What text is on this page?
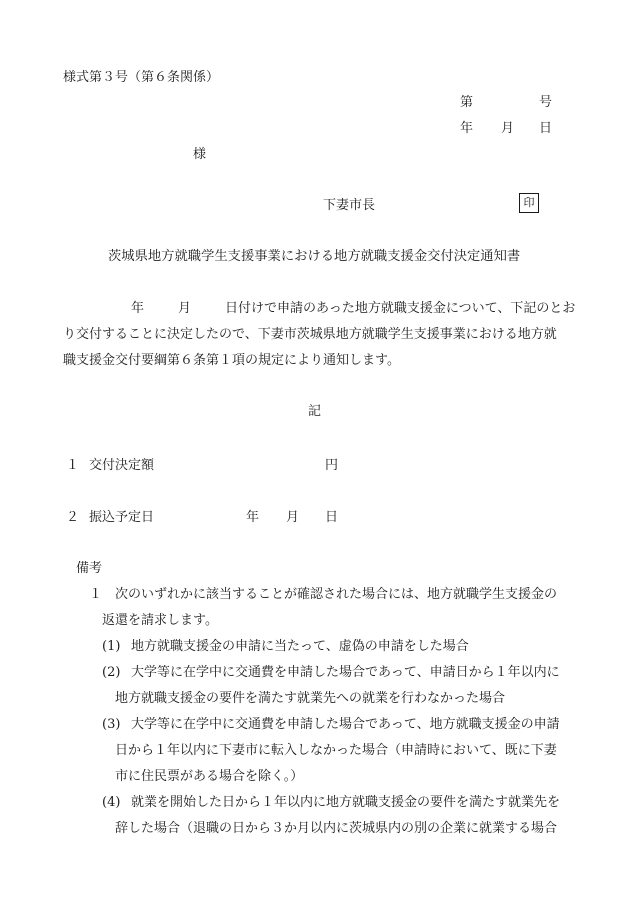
様式第３号（第６条関係）
第	号
年 月 日
様
下妻市長	印
茨城県地方就職学生支援事業における地方就職支援金交付決定通知書
年	月	日付けで申請のあった地方就職支援金について、下記のとお
り交付することに決定したので、下妻市茨城県地方就職学生支援事業における地方就
職支援金交付要綱第６条第１項の規定により通知します。
記
１ 交付決定額	円
２ 振込予定日	年 月 日
備考
１ 次のいずれかに該当することが確認された場合には、地方就職学生支援金の
返還を請求します。
(1) 地方就職支援金の申請に当たって、虚偽の申請をした場合
(2) 大学等に在学中に交通費を申請した場合であって、申請日から１年以内に
地方就職支援金の要件を満たす就業先への就業を行わなかった場合
(3) 大学等に在学中に交通費を申請した場合であって、地方就職支援金の申請
日から１年以内に下妻市に転入しなかった場合（申請時において、既に下妻
市に住民票がある場合を除く。）
(4) 就業を開始した日から１年以内に地方就職支援金の要件を満たす就業先を
辞した場合（退職の日から３か月以内に茨城県内の別の企業に就業する場合
